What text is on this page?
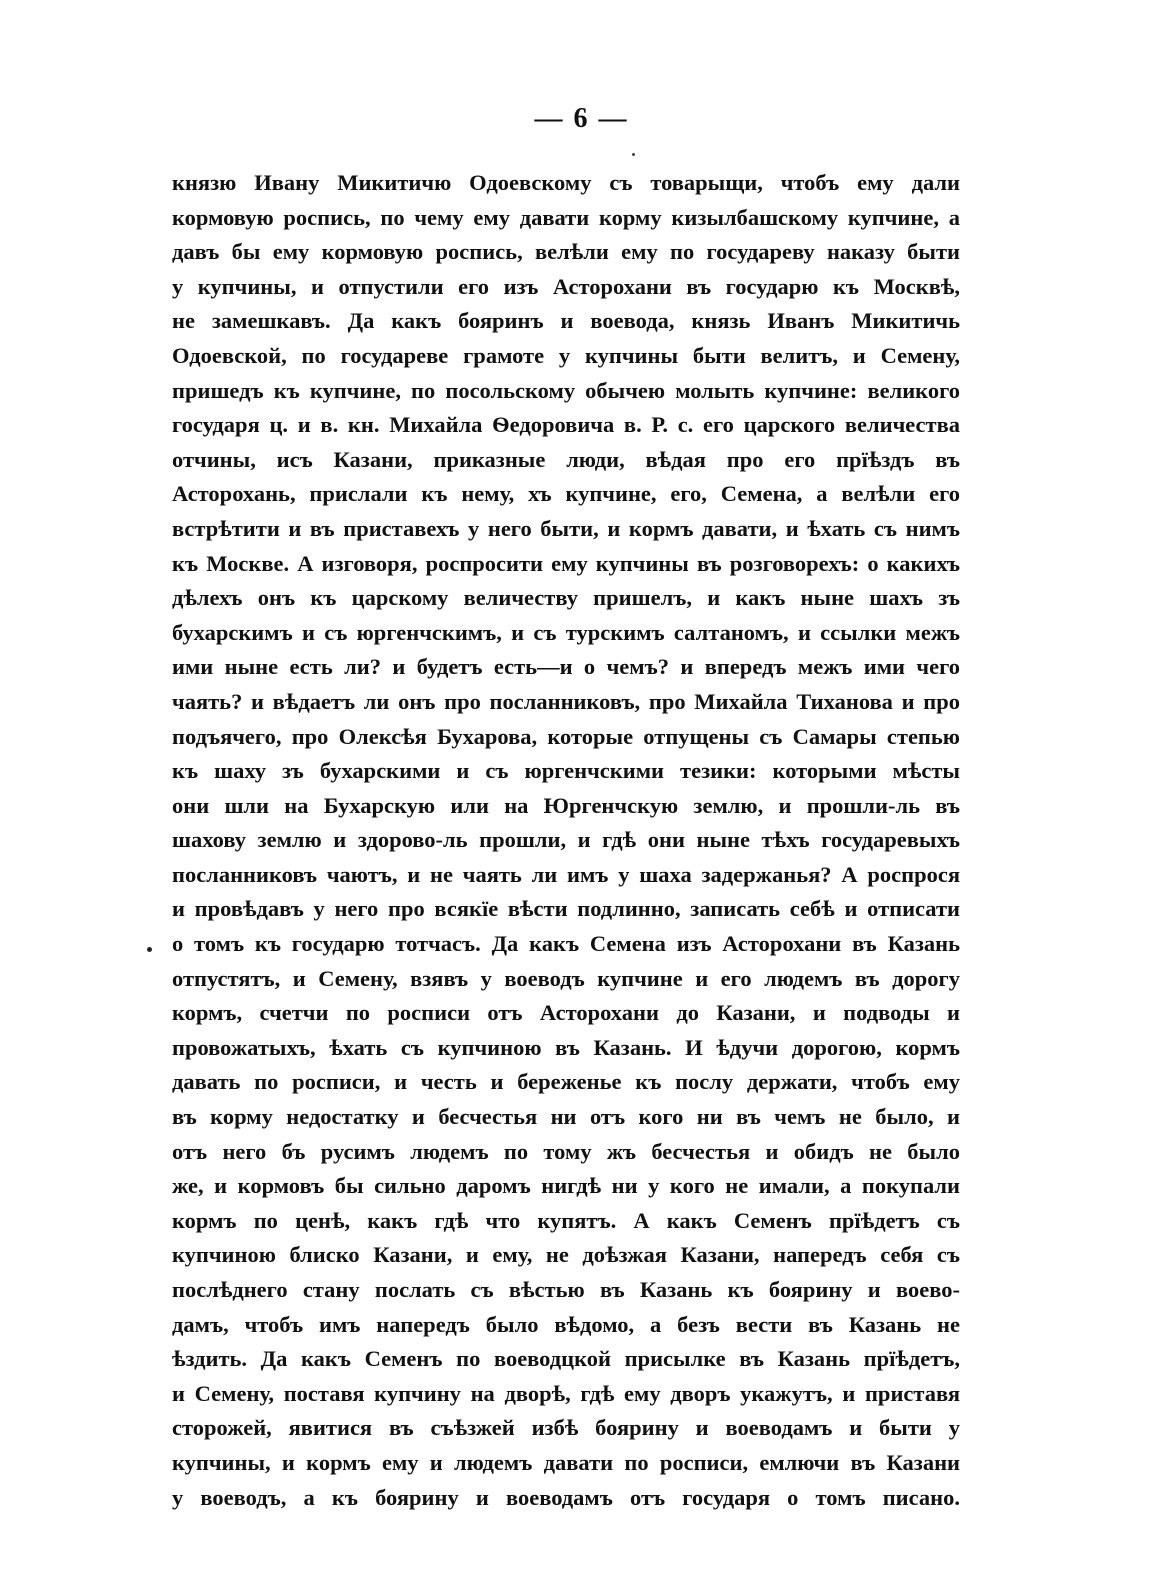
— 6 —
князю Ивану Микитичю Одоевскому съ товарыщи, чтобъ ему дали
кормовую роспись, по чему ему давати корму кизылбашскому купчине, а
давъ бы ему кормовую роспись, велѣли ему по государеву наказу быти
у купчины, и отпустили его изъ Асторохани въ государю къ Москвѣ,
не замешкавъ. Да какъ бояринъ и воевода, князь Иванъ Микитичь
Одоевской, по государеве грамоте у купчины быти велитъ, и Семену,
пришедъ къ купчине, по посольскому обычею молыть купчине: великого
государя ц. и в. кн. Михайла Ѳедоровича в. Р. с. его царского величества
отчины, исъ Казани, приказные люди, вѣдая про его прїѣздъ въ
Асторохань, прислали къ нему, хъ купчине, его, Семена, а велѣли его
встрѣтити и въ приставехъ у него быти, и кормъ давати, и ѣхать съ нимъ
къ Москве. А изговоря, роспросити ему купчины въ розговорехъ: о какихъ
дѣлехъ онъ къ царскому величеству пришелъ, и какъ ныне шахъ зъ
бухарскимъ и съ юргенчскимъ, и съ турскимъ салтаномъ, и ссылки межъ
ими ныне есть ли? и будетъ есть—и о чемъ? и впередъ межъ ими чего
чаять? и вѣдаетъ ли онъ про посланниковъ, про Михайла Тиханова и про
подъячего, про Олексѣя Бухарова, которые отпущены съ Самары степью
къ шаху зъ бухарскими и съ юргенчскими тезики: которыми мѣсты
они шли на Бухарскую или на Юргенчскую землю, и прошли-ль въ
шахову землю и здорово-ль прошли, и гдѣ они ныне тѣхъ государевыхъ
посланниковъ чаютъ, и не чаять ли имъ у шаха задержанья? А роспрося
и провѣдавъ у него про всякїе вѣсти подлинно, записать себѣ и отписати
о томъ къ государю тотчасъ. Да какъ Семена изъ Асторохани въ Казань
отпустятъ, и Семену, взявъ у воеводъ купчине и его людемъ въ дорогу
кормъ, счетчи по росписи отъ Асторохани до Казани, и подводы и
провожатыхъ, ѣхать съ купчиною въ Казань. И ѣдучи дорогою, кормъ
давать по росписи, и честь и береженье къ послу держати, чтобъ ему
въ корму недостатку и бесчестья ни отъ кого ни въ чемъ не было, и
отъ него бъ русимъ людемъ по тому жъ бесчестья и обидъ не было
же, и кормовъ бы сильно даромъ нигдѣ ни у кого не имали, а покупали
кормъ по ценѣ, какъ гдѣ что купятъ. А какъ Семенъ прїѣдетъ съ
купчиною блиско Казани, и ему, не доѣзжая Казани, напередъ себя съ
послѣднего стану послать съ вѣстью въ Казань къ боярину и воево-
дамъ, чтобъ имъ напередъ было вѣдомо, а безъ вести въ Казань не
ѣздить. Да какъ Семенъ по воеводцкой присылке въ Казань прїѣдетъ,
и Семену, поставя купчину на дворѣ, гдѣ ему дворъ укажутъ, и приставя
сторожей, явитися въ съѣзжей избѣ боярину и воеводамъ и быти у
купчины, и кормъ ему и людемъ давати по росписи, емлючи въ Казани
у воеводъ, а къ боярину и воеводамъ отъ государя о томъ писано.
